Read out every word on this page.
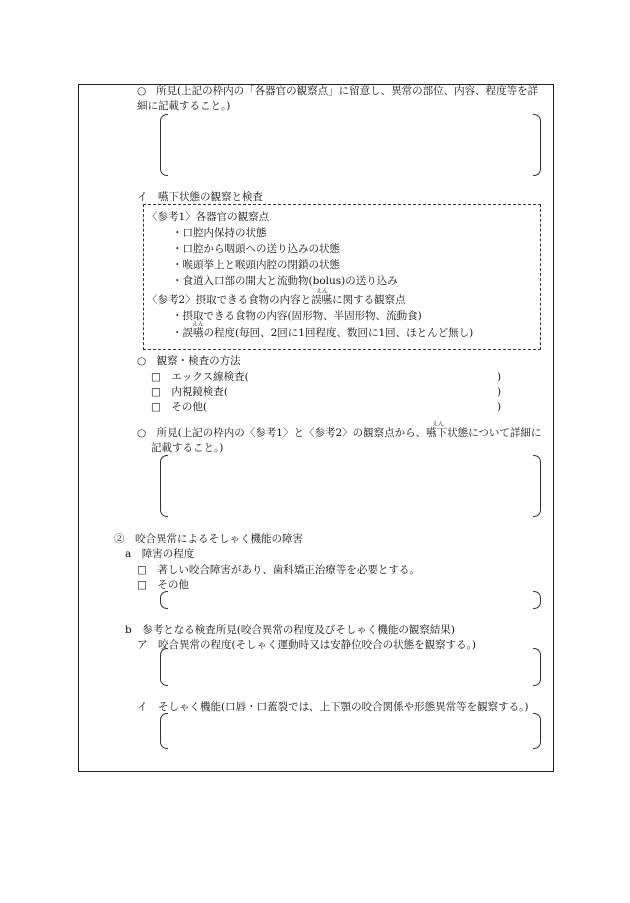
○ 所見(上記の枠内の「各器官の観察点」に留意し、異常の部位、内容、程度等を詳
細に記載すること。)
イ　嚥下状態の観察と検査
〈参考1〉各器官の観察点
・口腔内保持の状態
・口腔から咽頭への送り込みの状態
・喉頭挙上と喉頭内腔の閉鎖の状態
・食道入口部の開大と流動物(bolus)の送り込み
えん
〈参考2〉摂取できる食物の内容と誤嚥に関する観察点
・摂取できる食物の内容(固形物、半固形物、流動食)
えん
・誤嚥の程度(毎回、2回に1回程度、数回に1回、ほとんど無し)
○　観察・検査の方法
□　エックス線検査(	)
□　内視鏡検査(	)
□　その他(	)
えん
○　所見(上記の枠内の〈参考1〉と〈参考2〉の観察点から、嚥下状態について詳細に
記載すること。)
②　咬合異常によるそしゃく機能の障害
a　障害の程度
□　著しい咬合障害があり、歯科矯正治療等を必要とする。
□　その他
b　参考となる検査所見(咬合異常の程度及びそしゃく機能の観察結果)
ア　咬合異常の程度(そしゃく運動時又は安静位咬合の状態を観察する。)
イ　そしゃく機能(口唇・口蓋裂では、上下顎の咬合関係や形態異常等を観察する。)
